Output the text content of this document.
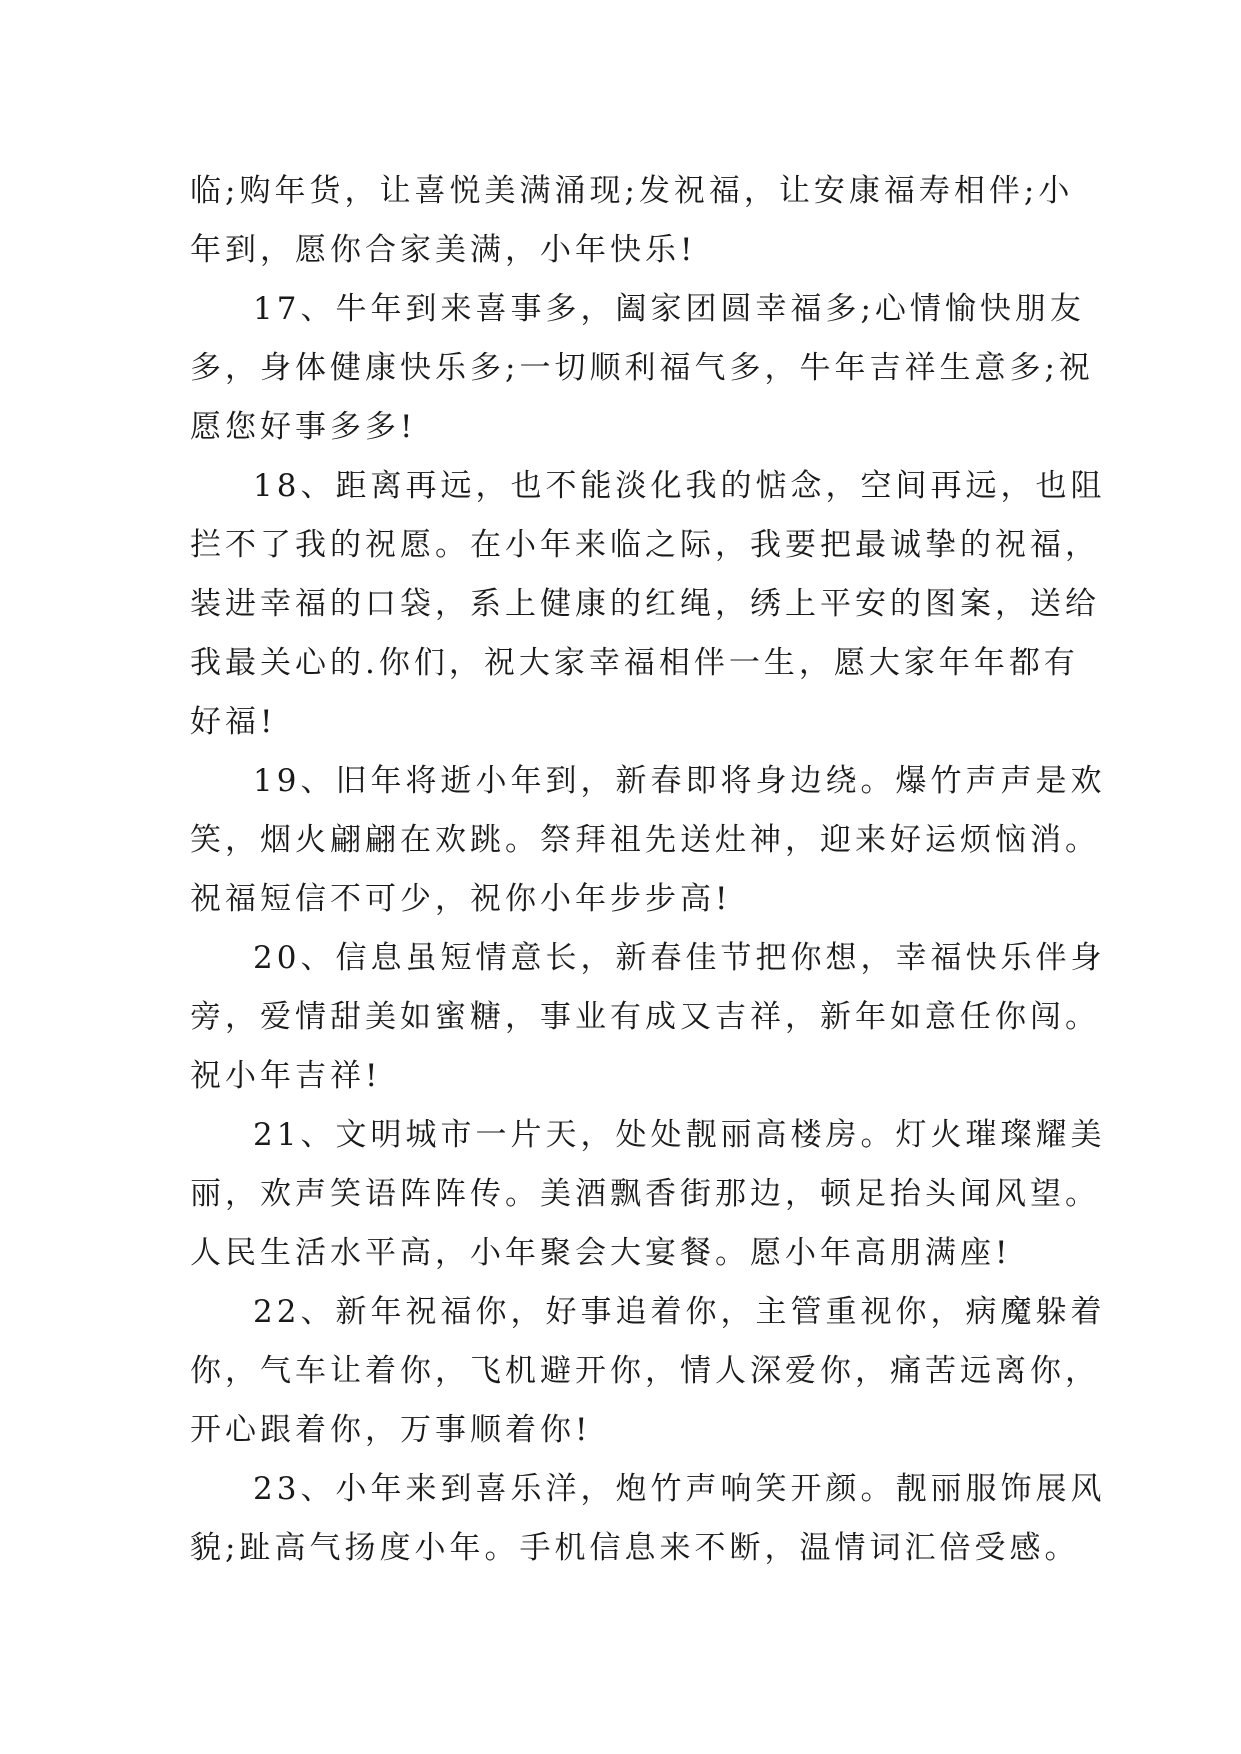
临;购年货，让喜悦美满涌现;发祝福，让安康福寿相伴;小
年到，愿你合家美满，小年快乐!
17、牛年到来喜事多，阖家团圆幸福多;心情愉快朋友
多，身体健康快乐多;一切顺利福气多，牛年吉祥生意多;祝
愿您好事多多!
18、距离再远，也不能淡化我的惦念，空间再远，也阻
拦不了我的祝愿。在小年来临之际，我要把最诚挚的祝福，
装进幸福的口袋，系上健康的红绳，绣上平安的图案，送给
我最关心的.你们，祝大家幸福相伴一生，愿大家年年都有
好福!
19、旧年将逝小年到，新春即将身边绕。爆竹声声是欢
笑，烟火翩翩在欢跳。祭拜祖先送灶神，迎来好运烦恼消。
祝福短信不可少，祝你小年步步高!
20、信息虽短情意长，新春佳节把你想，幸福快乐伴身
旁，爱情甜美如蜜糖，事业有成又吉祥，新年如意任你闯。
祝小年吉祥!
21、文明城市一片天，处处靓丽高楼房。灯火璀璨耀美
丽，欢声笑语阵阵传。美酒飘香街那边，顿足抬头闻风望。
人民生活水平高，小年聚会大宴餐。愿小年高朋满座!
22、新年祝福你，好事追着你，主管重视你，病魔躲着
你，气车让着你，飞机避开你，情人深爱你，痛苦远离你，
开心跟着你，万事顺着你!
23、小年来到喜乐洋，炮竹声响笑开颜。靓丽服饰展风
貌;趾高气扬度小年。手机信息来不断，温情词汇倍受感。
